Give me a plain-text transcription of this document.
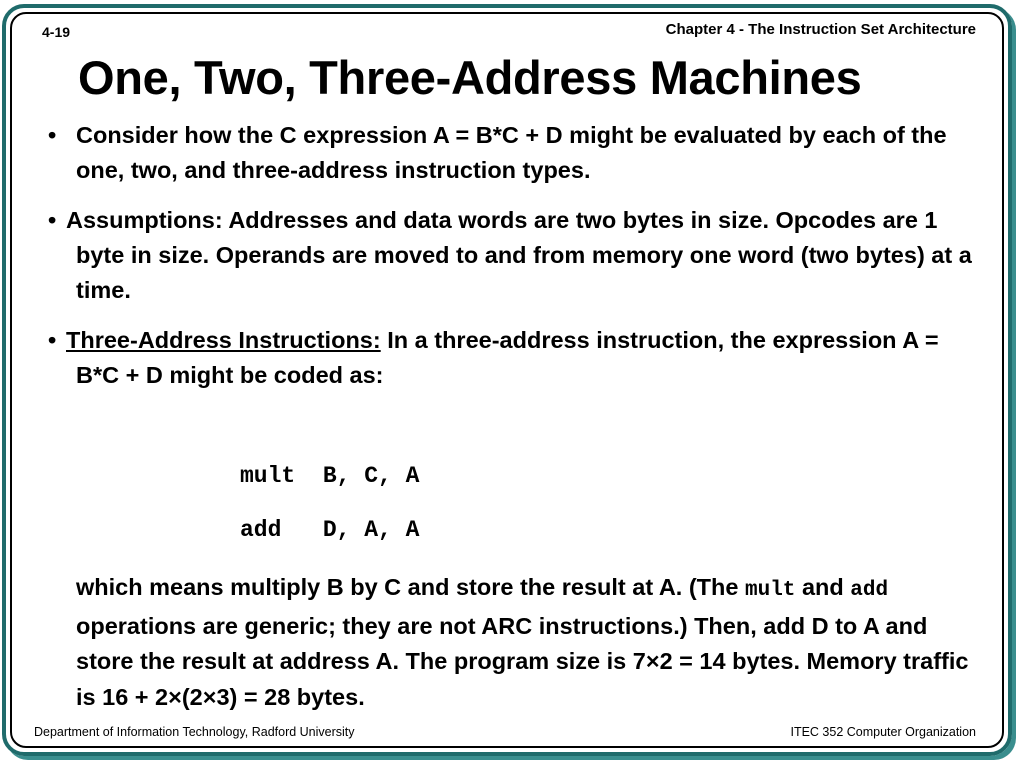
4-19	Chapter 4 - The Instruction Set Architecture
One, Two, Three-Address Machines

• Consider how the C expression A = B*C + D might be evaluated by each of the one, two, and three-address instruction types.

• Assumptions: Addresses and data words are two bytes in size. Opcodes are 1 byte in size. Operands are moved to and from memory one word (two bytes) at a time.

• Three-Address Instructions: In a three-address instruction, the expression A = B*C + D might be coded as:

mult  B, C, A
add   D, A, A
which means multiply B by C and store the result at A. (The mult and add operations are generic; they are not ARC instructions.) Then, add D to A and store the result at address A. The program size is 7×2 = 14 bytes. Memory traffic is 16 + 2×(2×3) = 28 bytes.
Department of Information Technology, Radford University	ITEC 352 Computer Organization
